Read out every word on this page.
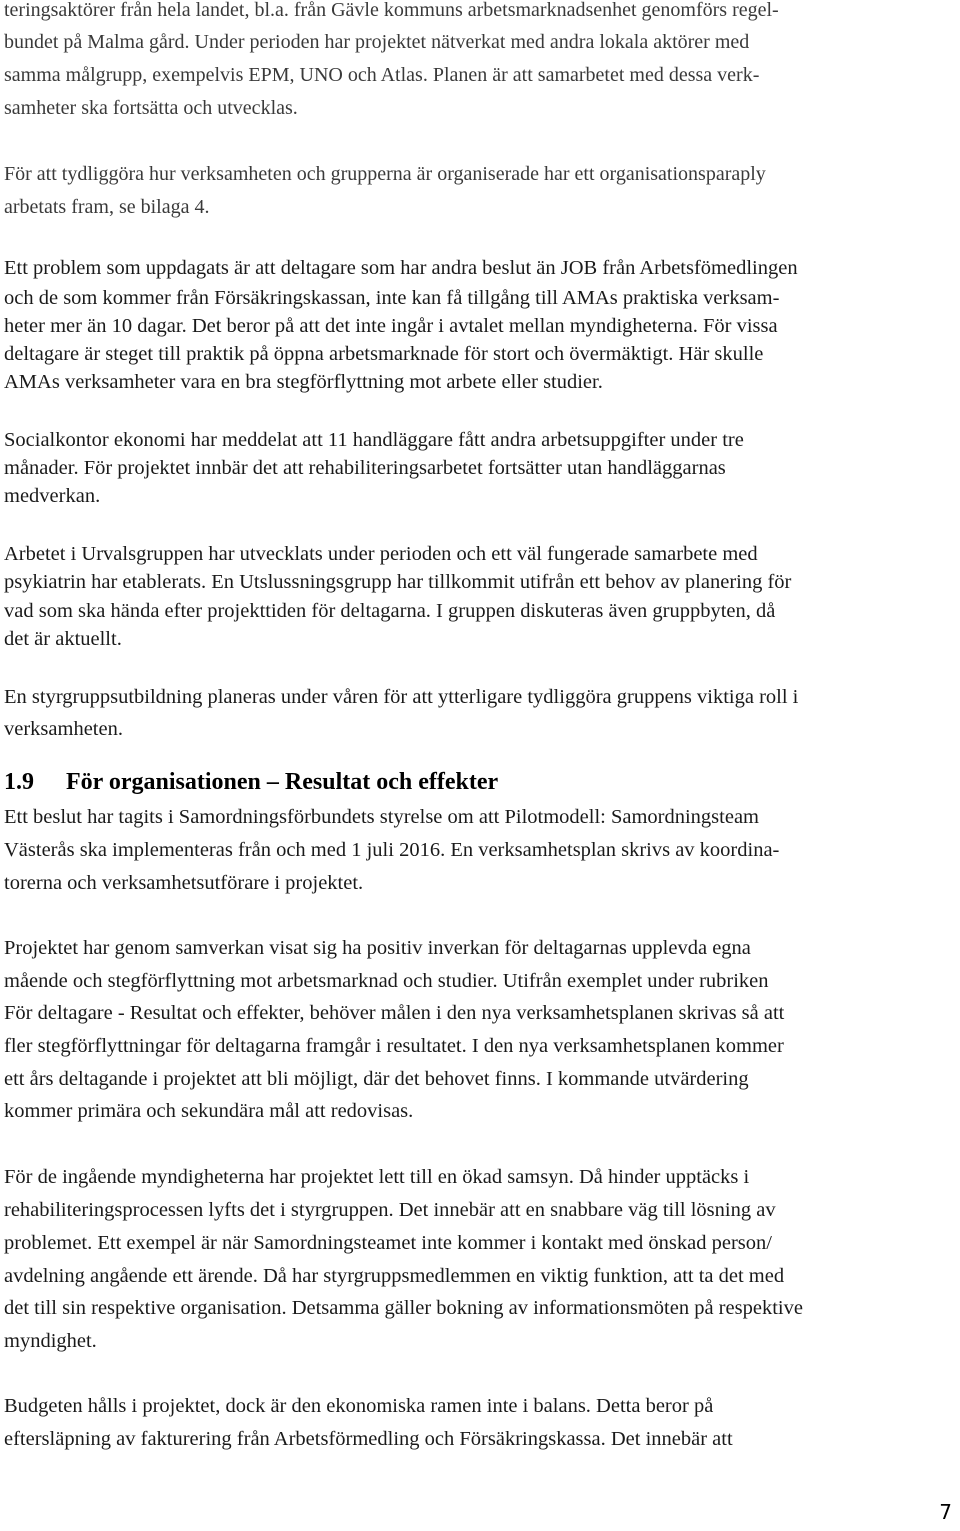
teringsaktörer från hela landet, bl.a. från Gävle kommuns arbetsmarknadsenhet genomförs regel-
bundet på Malma gård. Under perioden har projektet nätverkat med andra lokala aktörer med
samma målgrupp, exempelvis EPM, UNO och Atlas. Planen är att samarbetet med dessa verk-
samheter ska fortsätta och utvecklas.
För att tydliggöra hur verksamheten och grupperna är organiserade har ett organisationsparaply
arbetats fram, se bilaga 4.
Ett problem som uppdagats är att deltagare som har andra beslut än JOB från Arbetsfömedlingen
och de som kommer från Försäkringskassan, inte kan få tillgång till AMAs praktiska verksam-
heter mer än 10 dagar. Det beror på att det inte ingår i avtalet mellan myndigheterna. För vissa
deltagare är steget till praktik på öppna arbetsmarknade för stort och övermäktigt. Här skulle
AMAs verksamheter vara en bra stegförflyttning mot arbete eller studier.
Socialkontor ekonomi har meddelat att 11 handläggare fått andra arbetsuppgifter under tre
månader. För projektet innbär det att rehabiliteringsarbetet fortsätter utan handläggarnas
medverkan.
Arbetet i Urvalsgruppen har utvecklats under perioden och ett väl fungerade samarbete med
psykiatrin har etablerats. En Utslussningsgrupp har tillkommit utifrån ett behov av planering för
vad som ska hända efter projekttiden för deltagarna. I gruppen diskuteras även gruppbyten, då
det är aktuellt.
En styrgruppsutbildning planeras under våren för att ytterligare tydliggöra gruppens viktiga roll i
verksamheten.
1.9 För organisationen – Resultat och effekter
Ett beslut har tagits i Samordningsförbundets styrelse om att Pilotmodell: Samordningsteam
Västerås ska implementeras från och med 1 juli 2016. En verksamhetsplan skrivs av koordina-
torerna och verksamhetsutförare i projektet.
Projektet har genom samverkan visat sig ha positiv inverkan för deltagarnas upplevda egna
mående och stegförflyttning mot arbetsmarknad och studier. Utifrån exemplet under rubriken
För deltagare - Resultat och effekter, behöver målen i den nya verksamhetsplanen skrivas så att
fler stegförflyttningar för deltagarna framgår i resultatet. I den nya verksamhetsplanen kommer
ett års deltagande i projektet att bli möjligt, där det behovet finns. I kommande utvärdering
kommer primära och sekundära mål att redovisas.
För de ingående myndigheterna har projektet lett till en ökad samsyn. Då hinder upptäcks i
rehabiliteringsprocessen lyfts det i styrgruppen. Det innebär att en snabbare väg till lösning av
problemet. Ett exempel är när Samordningsteamet inte kommer i kontakt med önskad person/
avdelning angående ett ärende. Då har styrgruppsmedlemmen en viktig funktion, att ta det med
det till sin respektive organisation. Detsamma gäller bokning av informationsmöten på respektive
myndighet.
Budgeten hålls i projektet, dock är den ekonomiska ramen inte i balans. Detta beror på
eftersläpning av fakturering från Arbetsförmedling och Försäkringskassa. Det innebär att
7
